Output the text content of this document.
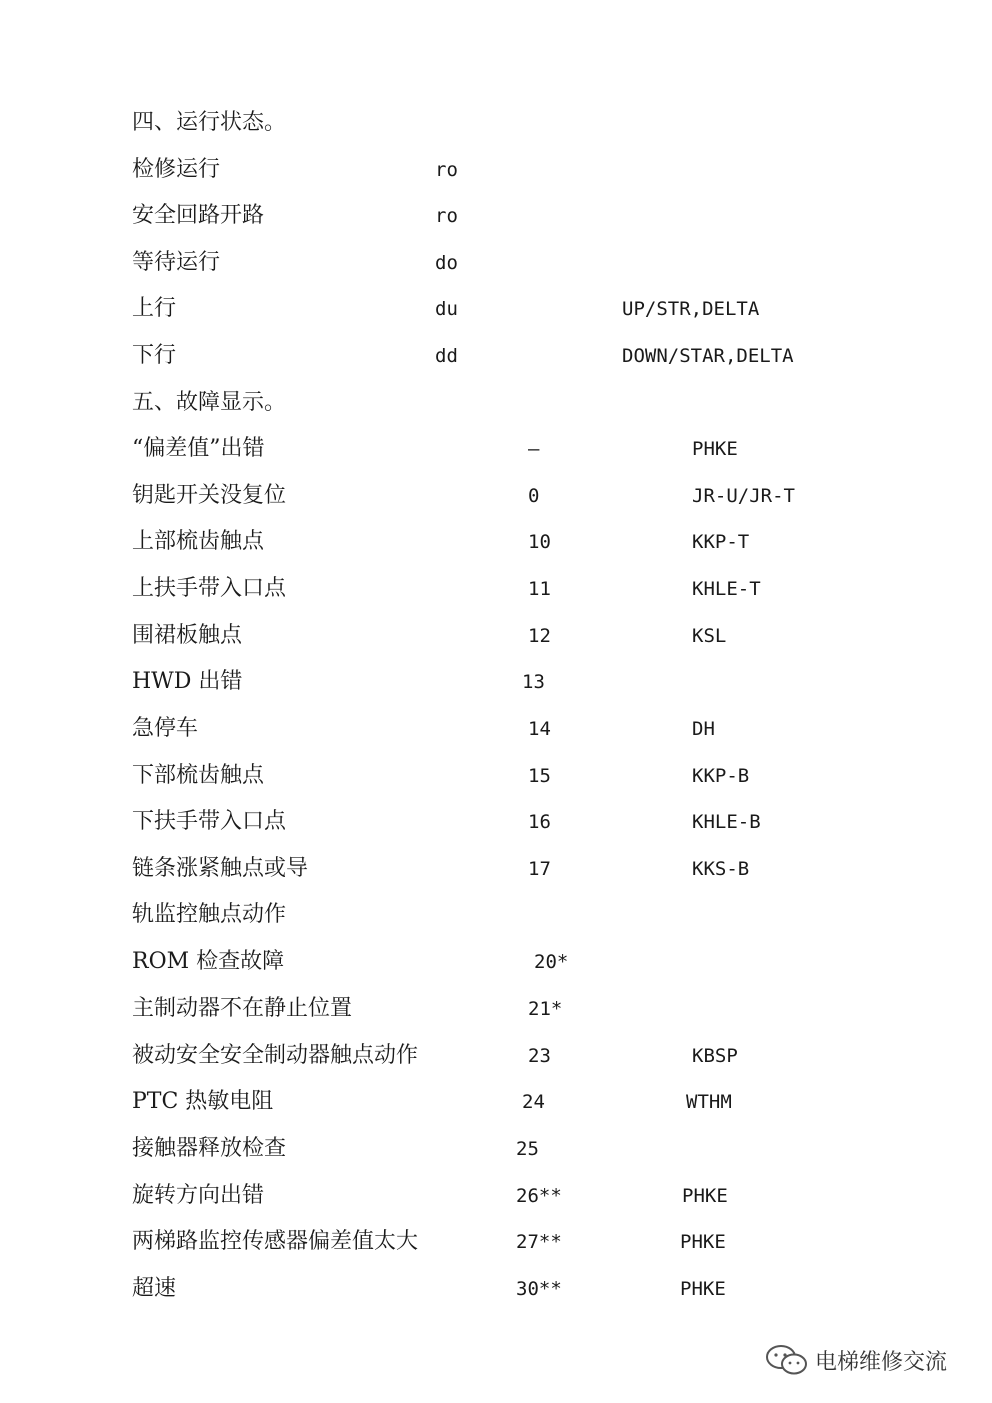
四、运行状态。
检修运行	ro
安全回路开路	ro
等待运行	do
上行	du	UP/STR,DELTA
下行	dd	DOWN/STAR,DELTA
五、故障显示。
“偏差值”出错	—	PHKE
钥匙开关没复位	0	JR-U/JR-T
上部梳齿触点	10	KKP-T
上扶手带入口点	11	KHLE-T
围裙板触点	12	KSL
HWD 出错	13
急停车	14	DH
下部梳齿触点	15	KKP-B
下扶手带入口点	16	KHLE-B
链条涨紧触点或导	17	KKS-B
轨监控触点动作
ROM 检查故障	20*
主制动器不在静止位置	21*
被动安全安全制动器触点动作	23	KBSP
PTC 热敏电阻	24	WTHM
接触器释放检查	25
旋转方向出错	26**	PHKE
两梯路监控传感器偏差值太大	27**	PHKE
超速	30**	PHKE
电梯维修交流
